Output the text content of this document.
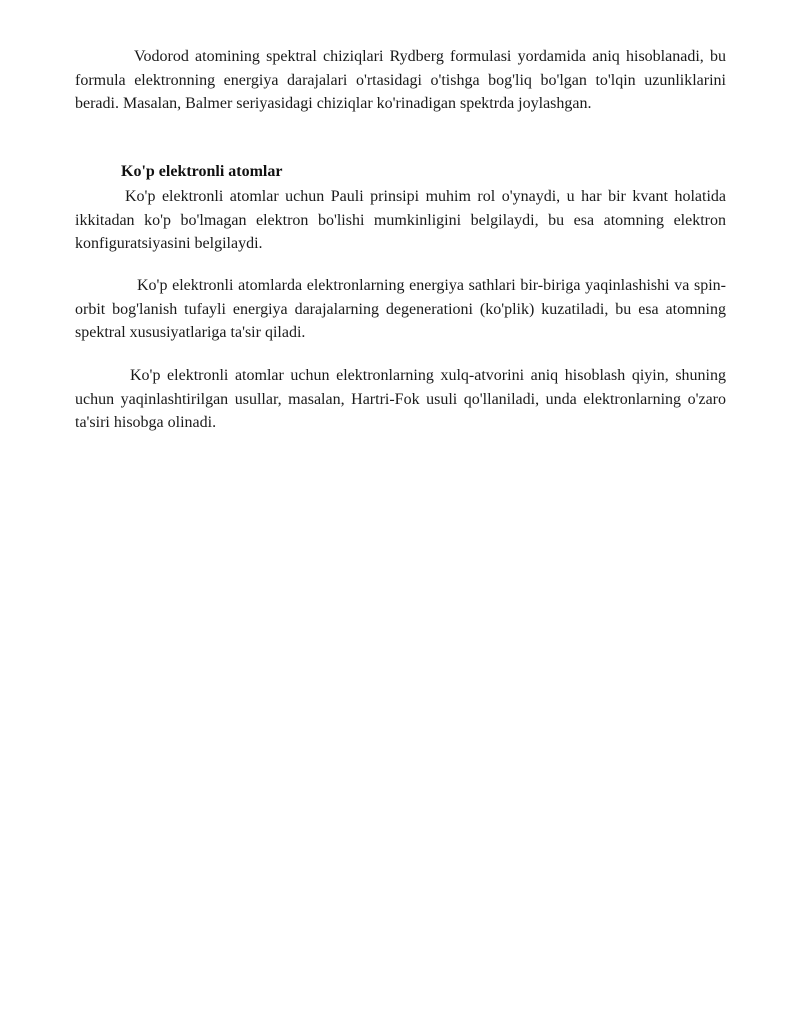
Vodorod atomining spektral chiziqlari Rydberg formulasi yordamida aniq hisoblanadi, bu formula elektronning energiya darajalari o'rtasidagi o'tishga bog'liq bo'lgan to'lqin uzunliklarini beradi. Masalan, Balmer seriyasidagi chiziqlar ko'rinadigan spektrda joylashgan.

Ko'p elektronli atomlar

Ko'p elektronli atomlar uchun Pauli prinsipi muhim rol o'ynaydi, u har bir kvant holatida ikkitadan ko'p bo'lmagan elektron bo'lishi mumkinligini belgilaydi, bu esa atomning elektron konfiguratsiyasini belgilaydi.

Ko'p elektronli atomlarda elektronlarning energiya sathlari bir-biriga yaqinlashishi va spin-orbit bog'lanish tufayli energiya darajalarning degenerationi (ko'plik) kuzatiladi, bu esa atomning spektral xususiyatlariga ta'sir qiladi.

Ko'p elektronli atomlar uchun elektronlarning xulq-atvorini aniq hisoblash qiyin, shuning uchun yaqinlashtirilgan usullar, masalan, Hartri-Fok usuli qo'llaniladi, unda elektronlarning o'zaro ta'siri hisobga olinadi.
